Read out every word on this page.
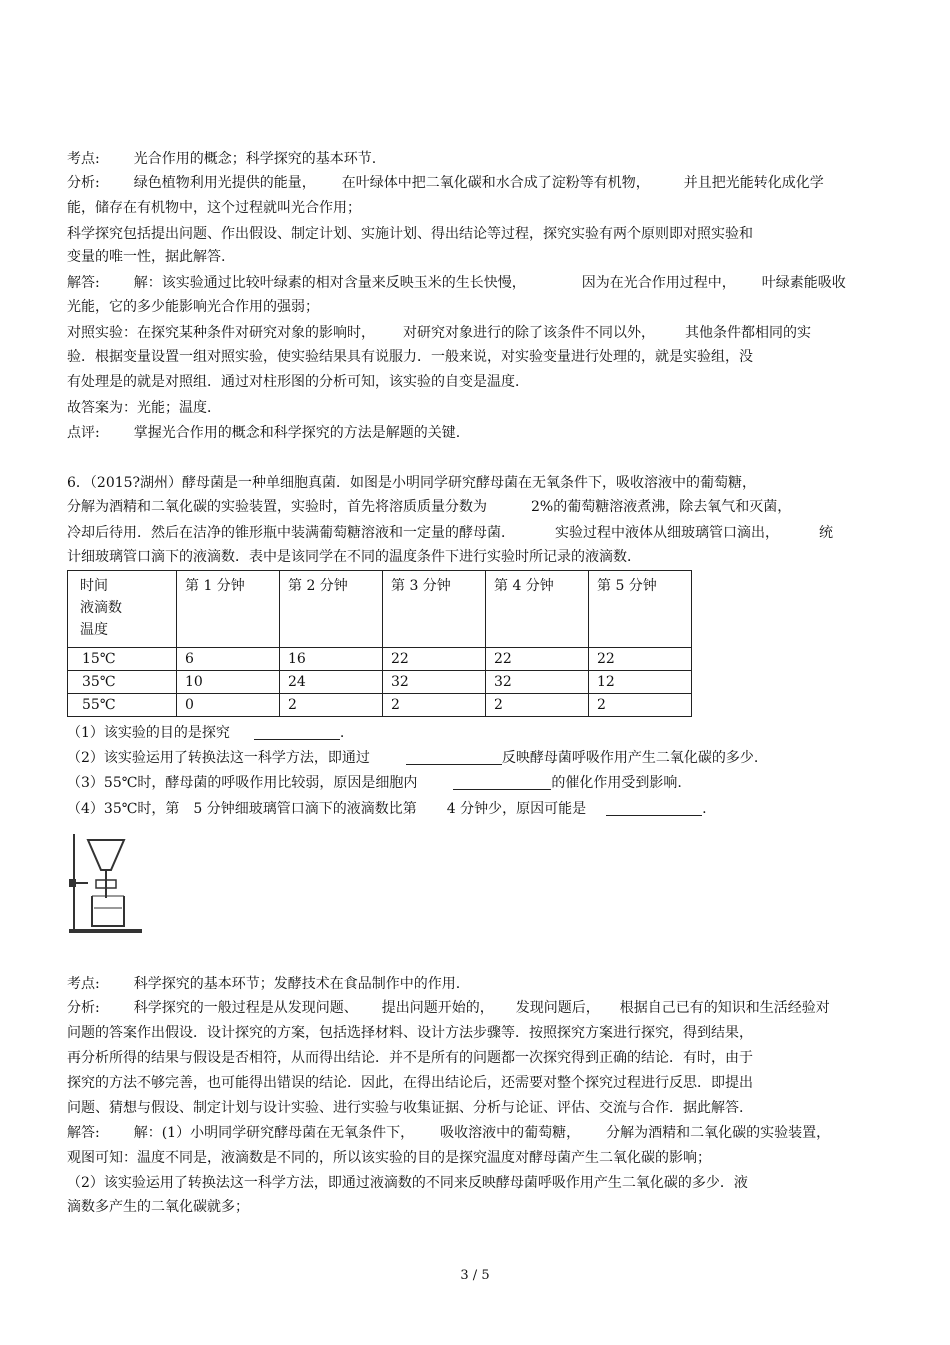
考点: 光合作用的概念；科学探究的基本环节.
分析: 绿色植物利用光提供的能量， 在叶绿体中把二氧化碳和水合成了淀粉等有机物， 并且把光能转化成化学
能，储存在有机物中，这个过程就叫光合作用；
科学探究包括提出问题、作出假设、制定计划、实施计划、得出结论等过程，探究实验有两个原则即对照实验和
变量的唯一性，据此解答.
解答: 解：该实验通过比较叶绿素的相对含量来反映玉米的生长快慢，	因为在光合作用过程中， 叶绿素能吸收
光能，它的多少能影响光合作用的强弱；
对照实验：在探究某种条件对研究对象的影响时， 对研究对象进行的除了该条件不同以外， 其他条件都相同的实
验．根据变量设置一组对照实验，使实验结果具有说服力．一般来说，对实验变量进行处理的，就是实验组，没
有处理是的就是对照组．通过对柱形图的分析可知，该实验的自变是温度．
故答案为：光能；温度．
点评: 掌握光合作用的概念和科学探究的方法是解题的关键.
6．（2015?湖州）酵母菌是一种单细胞真菌．如图是小明同学研究酵母菌在无氧条件下，吸收溶液中的葡萄糖，
分解为酒精和二氧化碳的实验装置，实验时，首先将溶质质量分数为	2%的葡萄糖溶液煮沸，除去氧气和灭菌，
冷却后待用．然后在洁净的锥形瓶中装满葡萄糖溶液和一定量的酵母菌．	实验过程中液体从细玻璃管口滴出，	统
计细玻璃管口滴下的液滴数．表中是该同学在不同的温度条件下进行实验时所记录的液滴数．
时间
液滴数
温度	第 1 分钟	第 2 分钟	第 3 分钟	第 4 分钟	第 5 分钟
15℃	6	16	22	22	22
35℃	10	24	32	32	12
55℃	0	2	2	2	2
（1）该实验的目的是探究	.
（2）该实验运用了转换法这一科学方法，即通过	反映酵母菌呼吸作用产生二氧化碳的多少.
（3）55℃时，酵母菌的呼吸作用比较弱，原因是细胞内	的催化作用受到影响.
（4）35℃时，第　5 分钟细玻璃管口滴下的液滴数比第 4 分钟少，原因可能是	.
考点: 科学探究的基本环节；发酵技术在食品制作中的作用.
分析: 科学探究的一般过程是从发现问题、 提出问题开始的， 发现问题后， 根据自己已有的知识和生活经验对
问题的答案作出假设．设计探究的方案，包括选择材料、设计方法步骤等．按照探究方案进行探究，得到结果，
再分析所得的结果与假设是否相符，从而得出结论．并不是所有的问题都一次探究得到正确的结论．有时，由于
探究的方法不够完善，也可能得出错误的结论．因此，在得出结论后，还需要对整个探究过程进行反思．即提出
问题、猜想与假设、制定计划与设计实验、进行实验与收集证据、分析与论证、评估、交流与合作．据此解答.
解答: 解：(1）小明同学研究酵母菌在无氧条件下， 吸收溶液中的葡萄糖， 分解为酒精和二氧化碳的实验装置，
观图可知：温度不同是，液滴数是不同的，所以该实验的目的是探究温度对酵母菌产生二氧化碳的影响；
（2）该实验运用了转换法这一科学方法，即通过液滴数的不同来反映酵母菌呼吸作用产生二氧化碳的多少．液
滴数多产生的二氧化碳就多；
3 / 5
